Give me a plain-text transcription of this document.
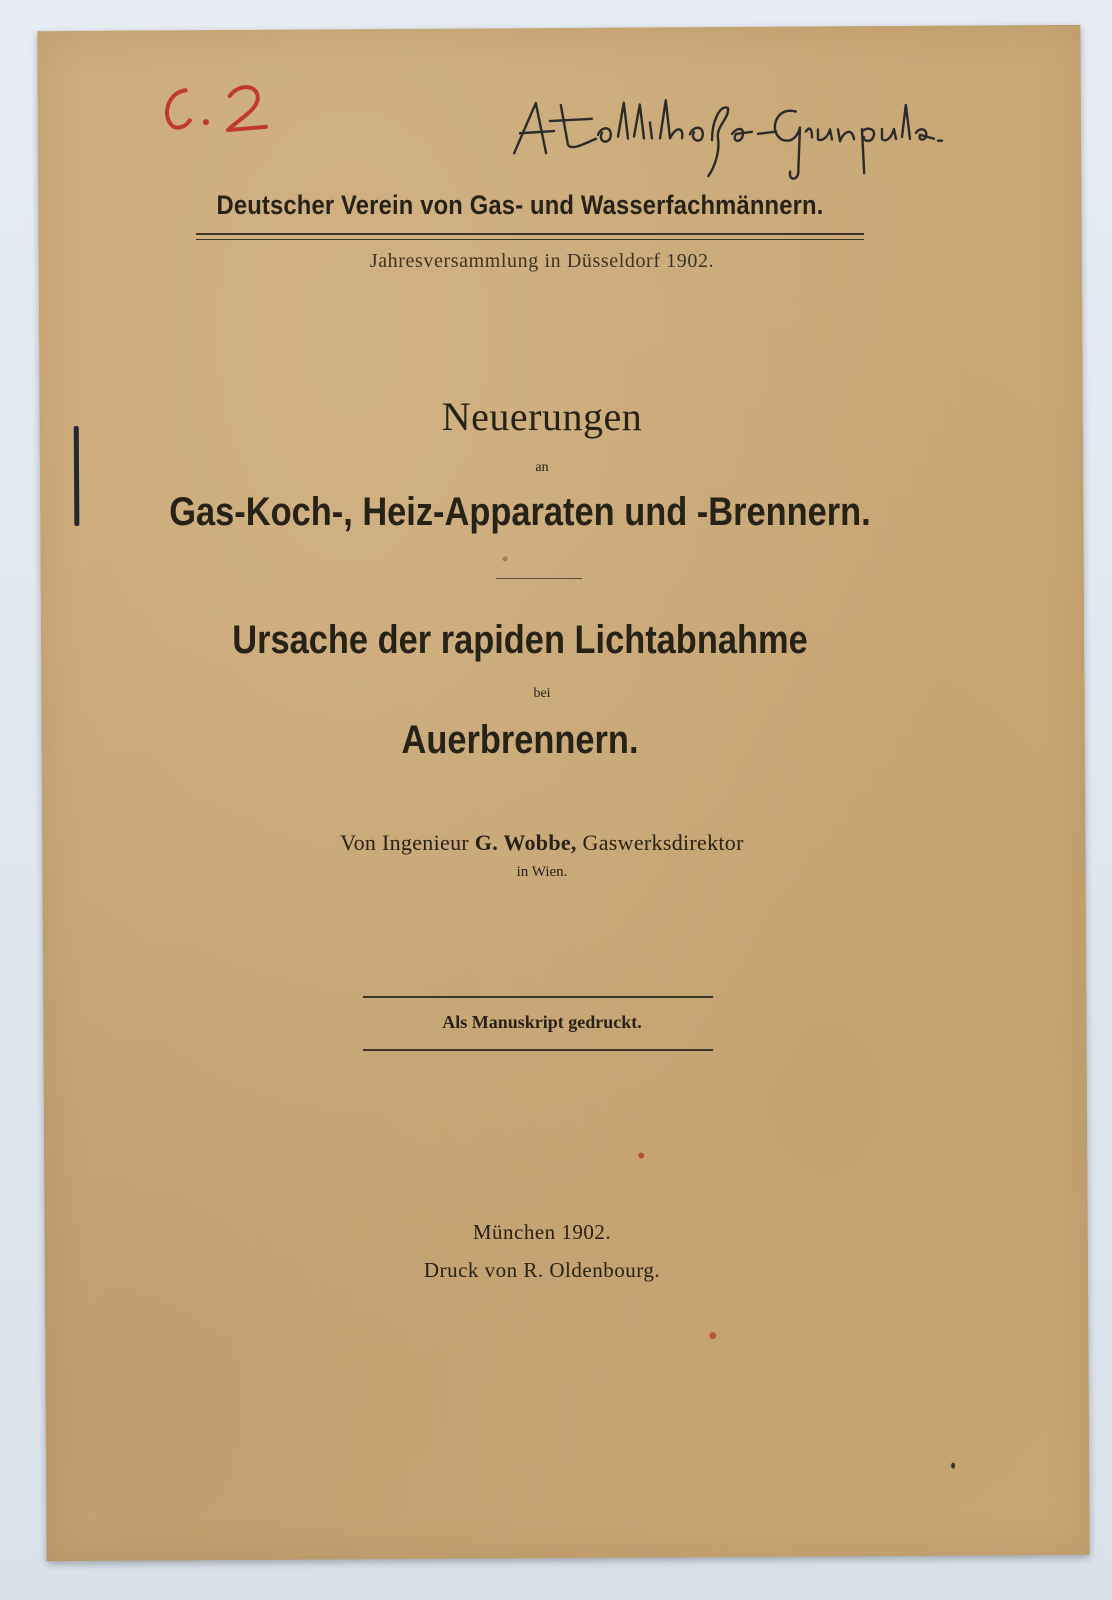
Deutscher Verein von Gas- und Wasserfachmännern.
Jahresversammlung in Düsseldorf 1902.
Neuerungen
an
Gas-Koch-, Heiz-Apparaten und -Brennern.
Ursache der rapiden Lichtabnahme
bei
Auerbrennern.
Von Ingenieur G. Wobbe, Gaswerksdirektor
in Wien.
Als Manuskript gedruckt.
München 1902.
Druck von R. Oldenbourg.
